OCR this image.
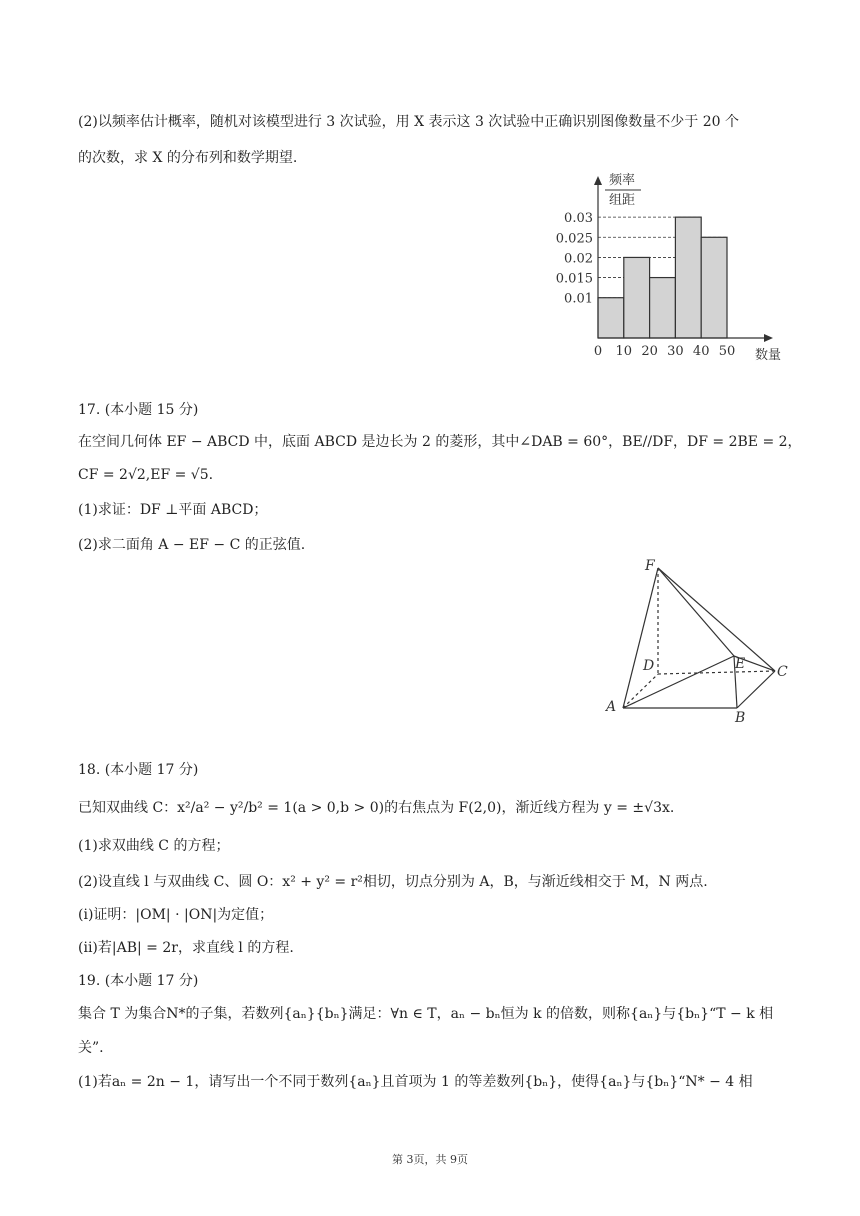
(2)以频率估计概率，随机对该模型进行 3 次试验，用 X 表示这 3 次试验中正确识别图像数量不少于 20 个
的次数，求 X 的分布列和数学期望.
频率
组距
0.03
0.025
0.02
0.015
0.01
0 10 20 30 40 50 数量
17. (本小题 15 分)
在空间几何体 EF − ABCD 中，底面 ABCD 是边长为 2 的菱形，其中∠DAB = 60°，BE//DF，DF = 2BE = 2，
CF = 2√2,EF = √5.
(1)求证：DF ⊥平面 ABCD；
(2)求二面角 A − EF − C 的正弦值.
F
D	E C
A
B
18. (本小题 17 分)
已知双曲线 C：x²/a² − y²/b² = 1(a > 0,b > 0)的右焦点为 F(2,0)，渐近线方程为 y = ±√3x.
(1)求双曲线 C 的方程；
(2)设直线 l 与双曲线 C、圆 O：x² + y² = r²相切，切点分别为 A，B，与渐近线相交于 M，N 两点.
(i)证明：|OM| · |ON|为定值；
(ii)若|AB| = 2r，求直线 l 的方程.
19. (本小题 17 分)
集合 T 为集合N*的子集，若数列{aₙ}{bₙ}满足：∀n ∈ T，aₙ − bₙ恒为 k 的倍数，则称{aₙ}与{bₙ}“T − k 相
关”.
(1)若aₙ = 2n − 1，请写出一个不同于数列{aₙ}且首项为 1 的等差数列{bₙ}，使得{aₙ}与{bₙ}“N* − 4 相
第 3页，共 9页
